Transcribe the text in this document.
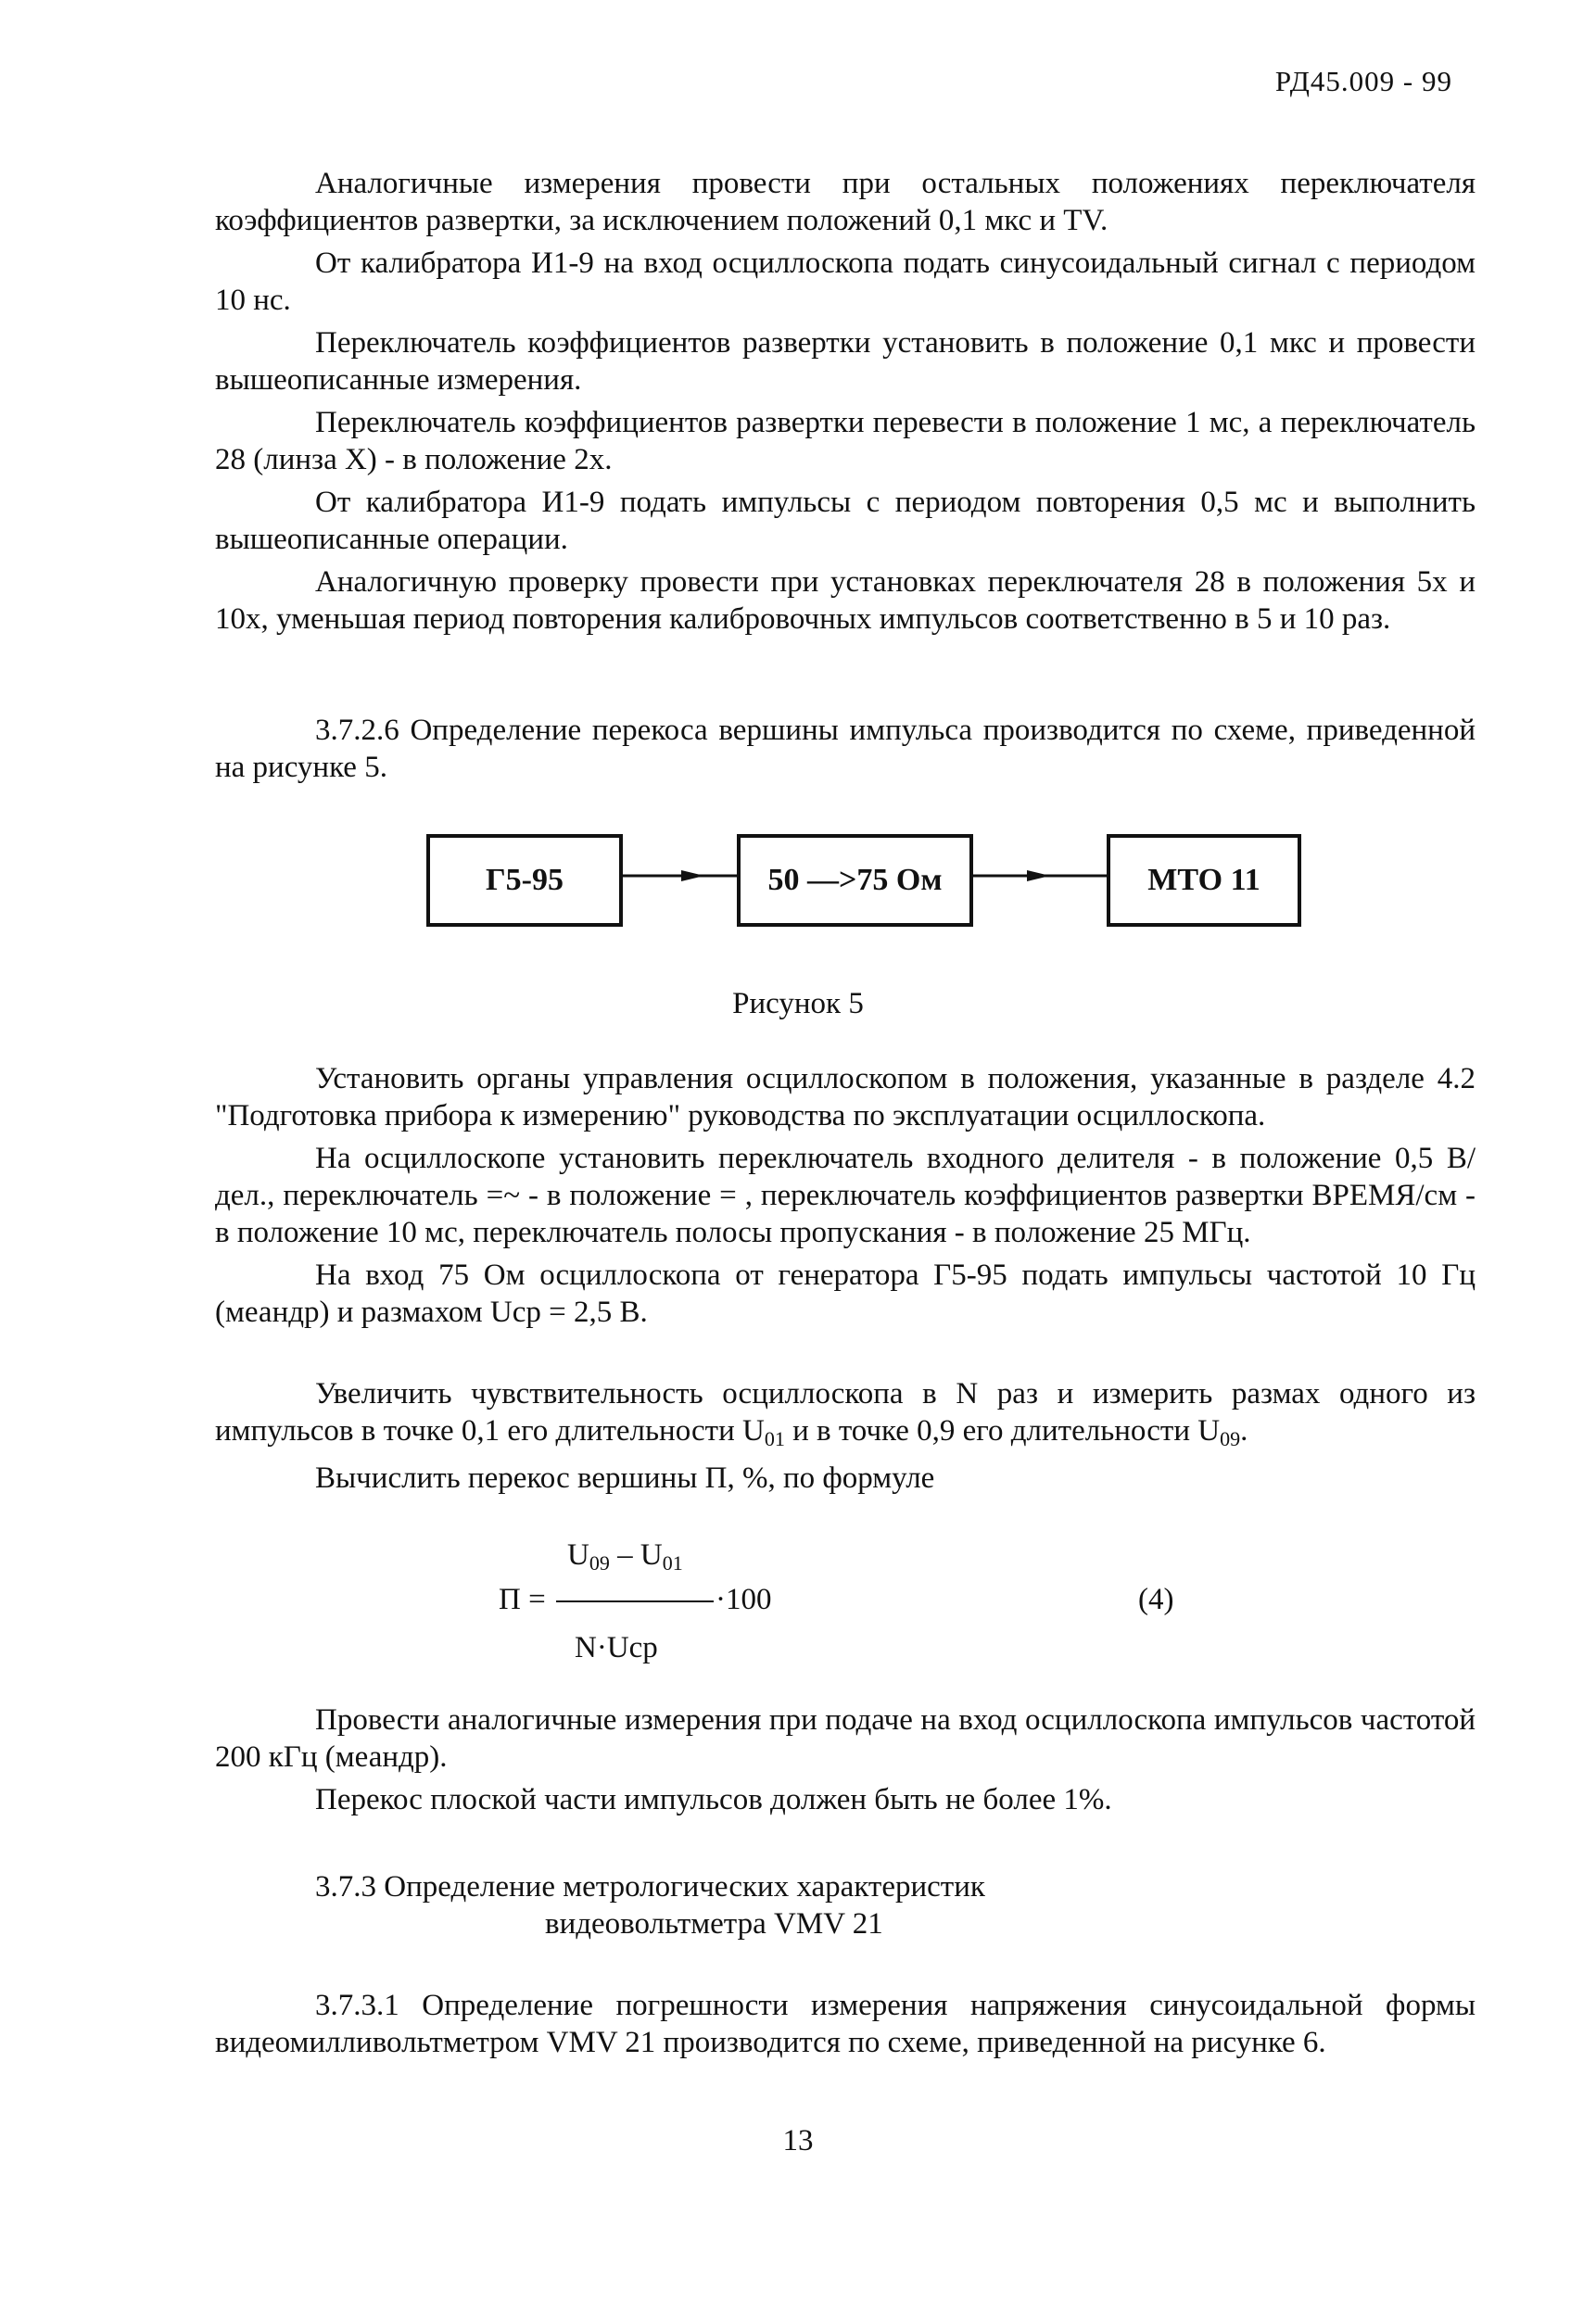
РД45.009 - 99

Аналогичные измерения провести при остальных положениях переключателя коэффициентов развертки, за исключением положений 0,1 мкс и TV.

От калибратора И1-9 на вход осциллоскопа подать синусоидальный сигнал с периодом 10 нс.

Переключатель коэффициентов развертки установить в положение 0,1 мкс и провести вышеописанные измерения.

Переключатель коэффициентов развертки перевести в положение 1 мс, а переключатель 28 (линза X) - в положение 2x.

От калибратора И1-9 подать импульсы с периодом повторения 0,5 мс и выполнить вышеописанные операции.

Аналогичную проверку провести при установках переключателя 28 в положения 5x и 10x, уменьшая период повторения калибровочных импульсов соответственно в 5 и 10 раз.

3.7.2.6 Определение перекоса вершины импульса производится по схеме, приведенной на рисунке 5.
Г5-95	50 —>75 Ом	МТО 11
Рисунок 5

Установить органы управления осциллоскопом в положения, указанные в разделе 4.2 "Подготовка прибора к измерению" руководства по эксплуатации осциллоскопа.

На осциллоскопе установить переключатель входного делителя - в положение 0,5 В/дел., переключатель =~ - в положение = , переключатель коэффициентов развертки ВРЕМЯ/см - в положение 10 мс, переключатель полосы пропускания - в положение 25 МГц.

На вход 75 Ом осциллоскопа от генератора Г5-95 подать импульсы частотой 10 Гц (меандр) и размахом Uср = 2,5 В.

Увеличить чувствительность осциллоскопа в N раз и измерить размах одного из импульсов в точке 0,1 его длительности $U_{01}$ и в точке 0,9 его длительности $U_{09}$.
Вычислить перекос вершины П, %, по формуле
$U_{09} - U_{01}$
П =	·100
N·Uср
(4)

Провести аналогичные измерения при подаче на вход осциллоскопа импульсов частотой 200 кГц (меандр).

Перекос плоской части импульсов должен быть не более 1%.

3.7.3 Определение метрологических характеристик
видеовольтметра VMV 21
3.7.3.1 Определение погрешности измерения напряжения синусоидальной формы видеомилливольтметром VMV 21 производится по схеме, приведенной на рисунке 6.
13
